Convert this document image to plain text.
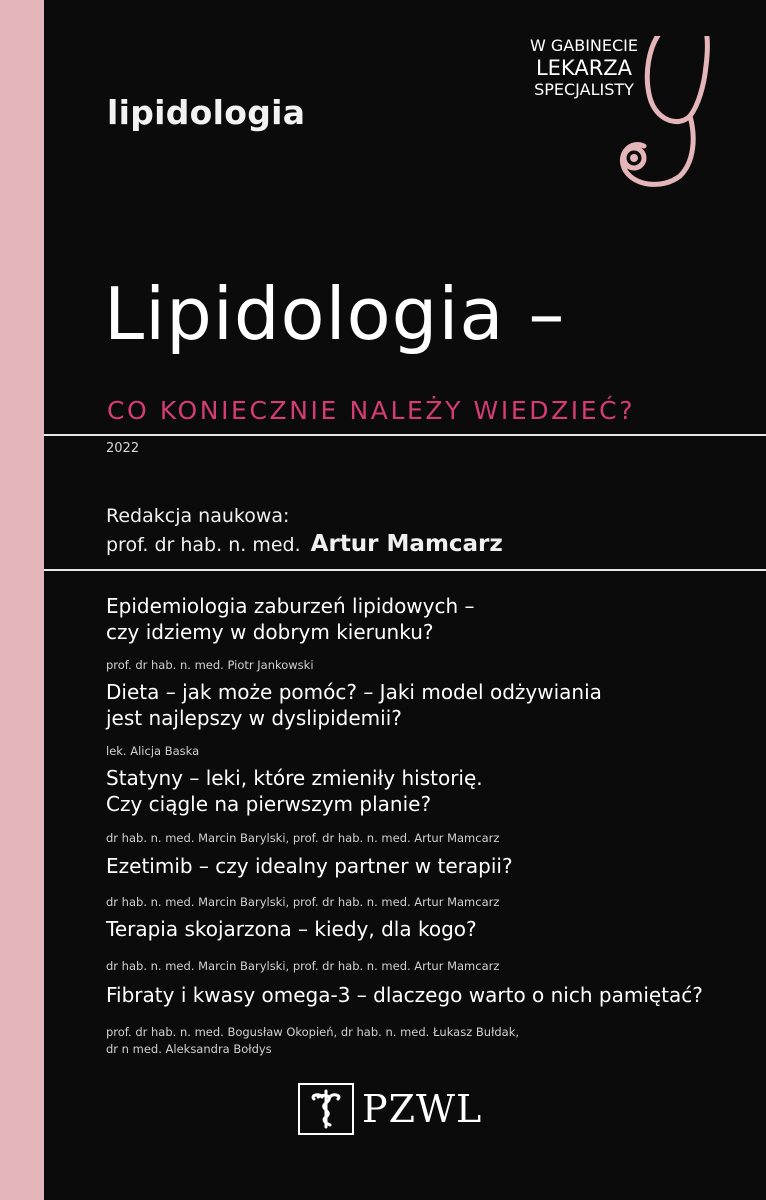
lipidologia
W GABINECIE
LEKARZA
SPECJALISTY
Lipidologia –
CO KONIECZNIE NALEŻY WIEDZIEĆ?
2022
Redakcja naukowa:
prof. dr hab. n. med. Artur Mamcarz
Epidemiologia zaburzeń lipidowych –
czy idziemy w dobrym kierunku?
prof. dr hab. n. med. Piotr Jankowski
Dieta – jak może pomóc? – Jaki model odżywiania
jest najlepszy w dyslipidemii?
lek. Alicja Baska
Statyny – leki, które zmieniły historię.
Czy ciągle na pierwszym planie?
dr hab. n. med. Marcin Barylski, prof. dr hab. n. med. Artur Mamcarz
Ezetimib – czy idealny partner w terapii?
dr hab. n. med. Marcin Barylski, prof. dr hab. n. med. Artur Mamcarz
Terapia skojarzona – kiedy, dla kogo?
dr hab. n. med. Marcin Barylski, prof. dr hab. n. med. Artur Mamcarz
Fibraty i kwasy omega-3 – dlaczego warto o nich pamiętać?
prof. dr hab. n. med. Bogusław Okopień, dr hab. n. med. Łukasz Bułdak,
dr n med. Aleksandra Bołdys
PZWL
